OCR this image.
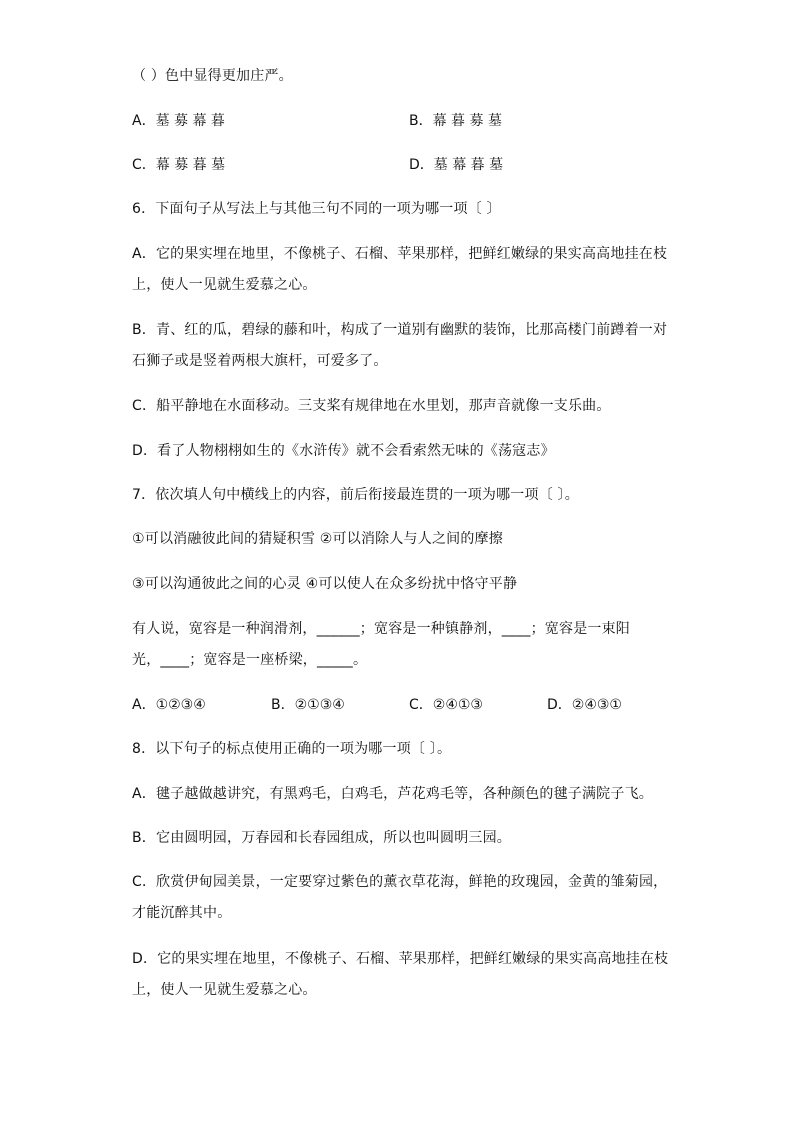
（ ）色中显得更加庄严。
A．墓 募 幕 暮	B．幕 暮 募 墓
C．幕 募 暮 墓	D．墓 幕 暮 墓
6．下面句子从写法上与其他三句不同的一项为哪一项〔 〕
A．它的果实埋在地里，不像桃子、石榴、苹果那样，把鲜红嫩绿的果实高高地挂在枝
上，使人一见就生爱慕之心。
B．青、红的瓜，碧绿的藤和叶，构成了一道别有幽默的装饰，比那高楼门前蹲着一对
石狮子或是竖着两根大旗杆，可爱多了。
C．船平静地在水面移动。三支桨有规律地在水里划，那声音就像一支乐曲。
D．看了人物栩栩如生的《水浒传》就不会看索然无味的《荡寇志》
7．依次填人句中横线上的内容，前后衔接最连贯的一项为哪一项〔 〕。
①可以消融彼此间的猜疑积雪 ②可以消除人与人之间的摩擦
③可以沟通彼此之间的心灵 ④可以使人在众多纷扰中恪守平静
有人说，宽容是一种润滑剂，______；宽容是一种镇静剂，____；宽容是一束阳
光，____；宽容是一座桥梁，_____。
A．①②③④	B．②①③④	C．②④①③	D．②④③①
8．以下句子的标点使用正确的一项为哪一项〔 〕。
A．毽子越做越讲究，有黑鸡毛，白鸡毛，芦花鸡毛等，各种颜色的毽子满院子飞。
B．它由圆明园，万春园和长春园组成，所以也叫圆明三园。
C．欣赏伊甸园美景，一定要穿过紫色的薰衣草花海，鲜艳的玫瑰园，金黄的雏菊园，
才能沉醉其中。
D．它的果实埋在地里，不像桃子、石榴、苹果那样，把鲜红嫩绿的果实高高地挂在枝
上，使人一见就生爱慕之心。
